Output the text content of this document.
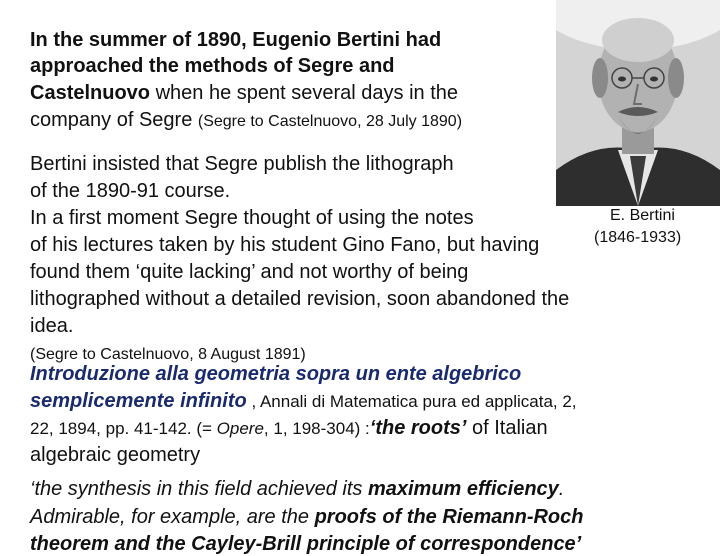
In the summer of 1890, Eugenio Bertini had
approached the methods of Segre and
Castelnuovo when he spent several days in the
company of Segre (Segre to Castelnuovo, 28 July 1890)
Bertini insisted that Segre publish the lithograph
of the 1890-91 course.
In a first moment Segre thought of using the notes
of his lectures taken by his student Gino Fano, but having
found them ‘quite lacking’ and not worthy of being
lithographed without a detailed revision, soon abandoned the
idea.
(Segre to Castelnuovo, 8 August 1891)
E. Bertini
(1846-1933)
Introduzione alla geometria sopra un ente algebrico
semplicemente infinito , Annali di Matematica pura ed applicata, 2,
22, 1894, pp. 41-142. (= Opere, 1, 198-304) :‘the roots’ of Italian
algebraic geometry
‘the synthesis in this field achieved its maximum efficiency.
Admirable, for example, are the proofs of the Riemann-Roch
theorem and the Cayley-Brill principle of correspondence’
